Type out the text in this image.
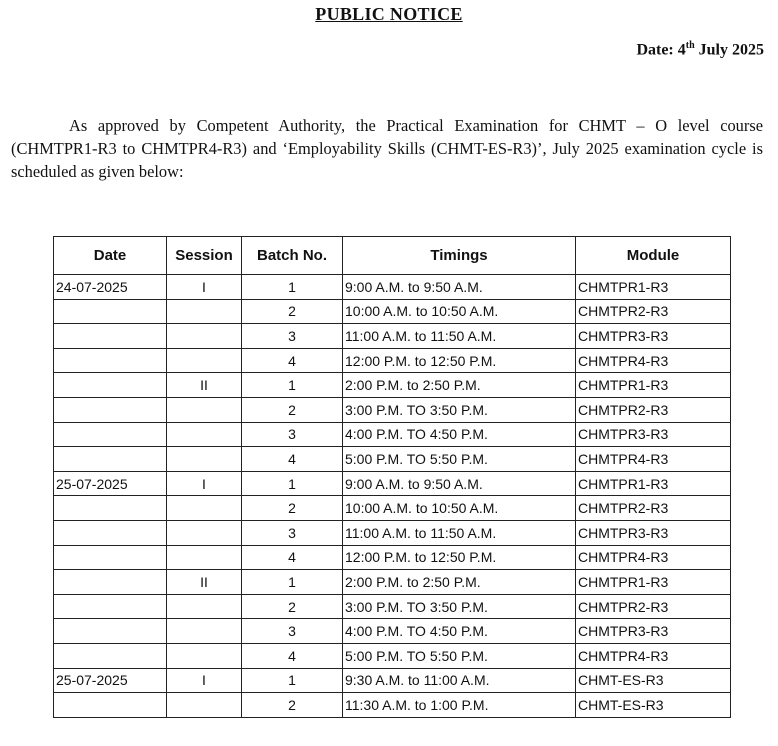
PUBLIC NOTICE
Date: 4th July 2025
As approved by Competent Authority, the Practical Examination for CHMT – O level course (CHMTPR1-R3 to CHMTPR4-R3) and ‘Employability Skills (CHMT-ES-R3)’, July 2025 examination cycle is scheduled as given below:
Date	Session	Batch No.	Timings	Module
24-07-2025	I	1	9:00 A.M. to 9:50 A.M.	CHMTPR1-R3
		2	10:00 A.M. to 10:50 A.M.	CHMTPR2-R3
		3	11:00 A.M. to 11:50 A.M.	CHMTPR3-R3
		4	12:00 P.M. to 12:50 P.M.	CHMTPR4-R3
	II	1	2:00 P.M. to 2:50 P.M.	CHMTPR1-R3
		2	3:00 P.M. TO 3:50 P.M.	CHMTPR2-R3
		3	4:00 P.M. TO 4:50 P.M.	CHMTPR3-R3
		4	5:00 P.M. TO 5:50 P.M.	CHMTPR4-R3
25-07-2025	I	1	9:00 A.M. to 9:50 A.M.	CHMTPR1-R3
		2	10:00 A.M. to 10:50 A.M.	CHMTPR2-R3
		3	11:00 A.M. to 11:50 A.M.	CHMTPR3-R3
		4	12:00 P.M. to 12:50 P.M.	CHMTPR4-R3
	II	1	2:00 P.M. to 2:50 P.M.	CHMTPR1-R3
		2	3:00 P.M. TO 3:50 P.M.	CHMTPR2-R3
		3	4:00 P.M. TO 4:50 P.M.	CHMTPR3-R3
		4	5:00 P.M. TO 5:50 P.M.	CHMTPR4-R3
25-07-2025	I	1	9:30 A.M. to 11:00 A.M.	CHMT-ES-R3
		2	11:30 A.M. to 1:00 P.M.	CHMT-ES-R3
